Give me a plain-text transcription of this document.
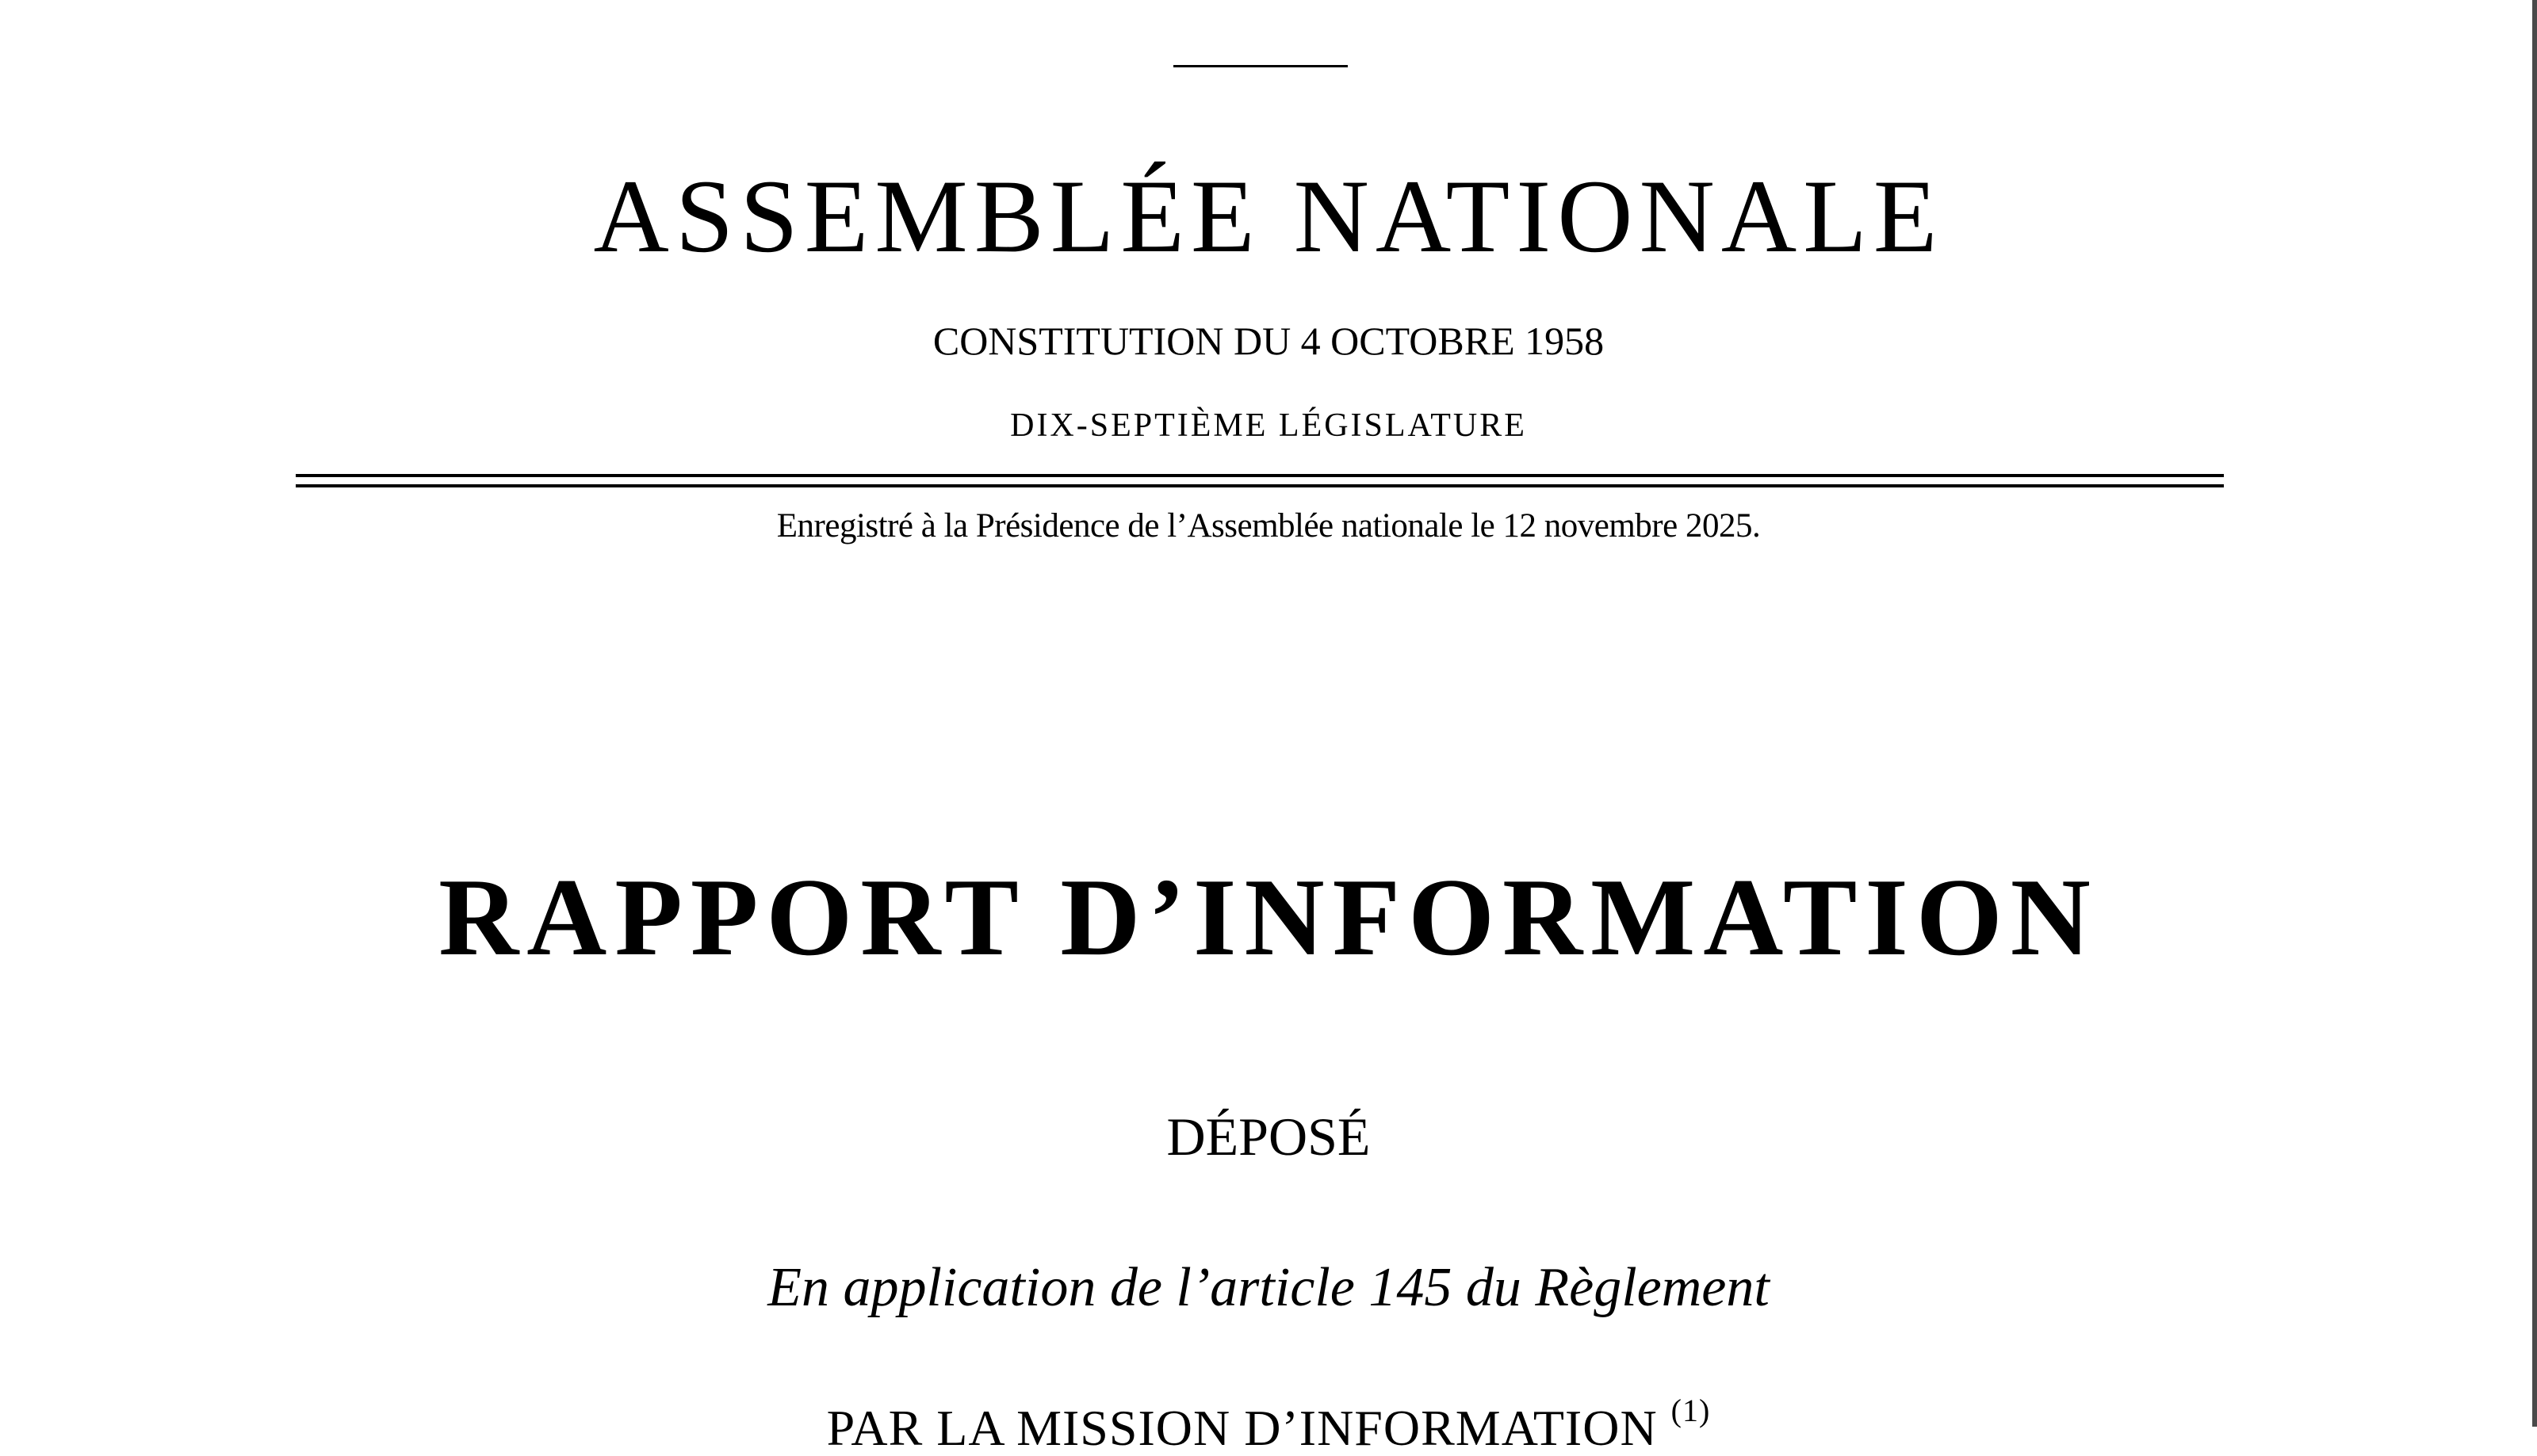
ASSEMBLÉE NATIONALE
CONSTITUTION DU 4 OCTOBRE 1958
DIX-SEPTIÈME LÉGISLATURE
Enregistré à la Présidence de l’Assemblée nationale le 12 novembre 2025.
RAPPORT D’INFORMATION
DÉPOSÉ
En application de l’article 145 du Règlement
PAR LA MISSION D’INFORMATION $^{(1)}$
